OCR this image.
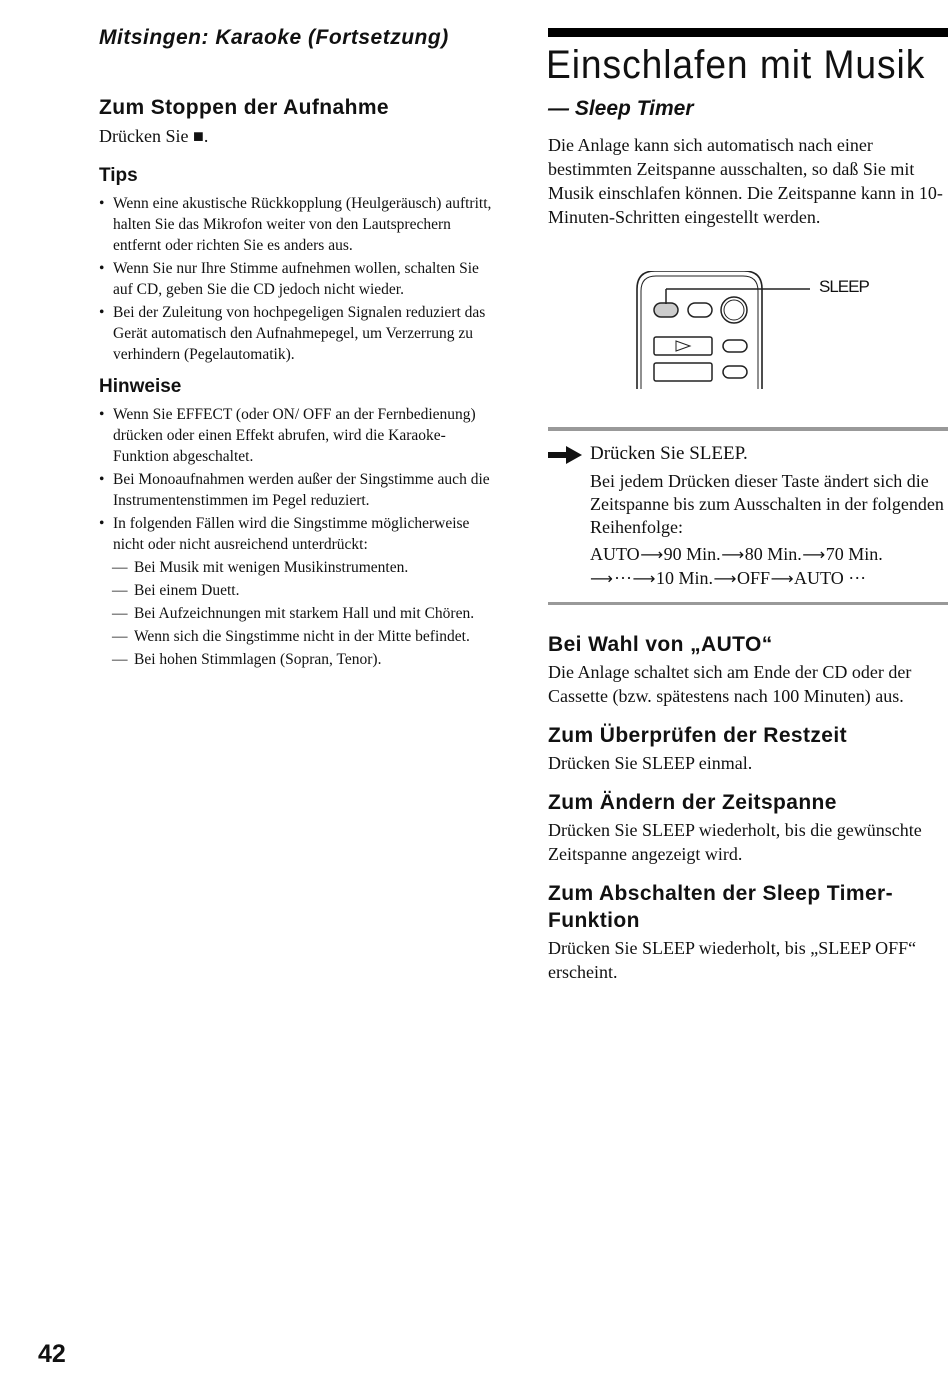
Mitsingen: Karaoke (Fortsetzung)
Zum Stoppen der Aufnahme

Drücken Sie ■.

Tips
• Wenn eine akustische Rückkopplung (Heulgeräusch) auftritt, halten Sie das Mikrofon weiter von den Lautsprechern entfernt oder richten Sie es anders aus.
• Wenn Sie nur Ihre Stimme aufnehmen wollen, schalten Sie auf CD, geben Sie die CD jedoch nicht wieder.
• Bei der Zuleitung von hochpegeligen Signalen reduziert das Gerät automatisch den Aufnahmepegel, um Verzerrung zu verhindern (Pegelautomatik).
Hinweise
• Wenn Sie EFFECT (oder ON/ OFF an der Fernbedienung) drücken oder einen Effekt abrufen, wird die Karaoke-Funktion abgeschaltet.
• Bei Monoaufnahmen werden außer der Singstimme auch die Instrumentenstimmen im Pegel reduziert.
• In folgenden Fällen wird die Singstimme möglicherweise nicht oder nicht ausreichend unterdrückt:
— Bei Musik mit wenigen Musikinstrumenten.
— Bei einem Duett.
— Bei Aufzeichnungen mit starkem Hall und mit Chören.
— Wenn sich die Singstimme nicht in der Mitte befindet.
— Bei hohen Stimmlagen (Sopran, Tenor).
Einschlafen mit Musik
— Sleep Timer

Die Anlage kann sich automatisch nach einer bestimmten Zeitspanne ausschalten, so daß Sie mit Musik einschlafen können. Die Zeitspanne kann in 10-Minuten-Schritten eingestellt werden.

SLEEP
Drücken Sie SLEEP.
Bei jedem Drücken dieser Taste ändert sich die Zeitspanne bis zum Ausschalten in der folgenden Reihenfolge:
AUTO⟶90 Min.⟶80 Min.⟶70 Min.
⟶···⟶10 Min.⟶OFF⟶AUTO ···
Bei Wahl von „AUTO“

Die Anlage schaltet sich am Ende der CD oder der Cassette (bzw. spätestens nach 100 Minuten) aus.

Zum Überprüfen der Restzeit

Drücken Sie SLEEP einmal.

Zum Ändern der Zeitspanne

Drücken Sie SLEEP wiederholt, bis die gewünschte Zeitspanne angezeigt wird.

Zum Abschalten der Sleep Timer-Funktion

Drücken Sie SLEEP wiederholt, bis „SLEEP OFF“ erscheint.

42
